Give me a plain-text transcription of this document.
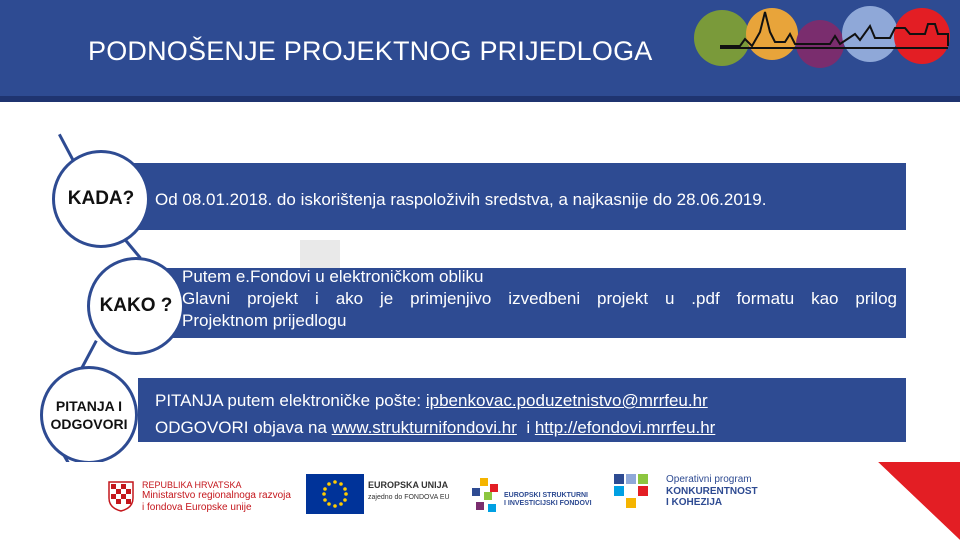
PODNOŠENJE PROJEKTNOG PRIJEDLOGA
KADA?
KAKO ?
PITANJA I
ODGOVORI
Od 08.01.2018. do iskorištenja raspoloživih sredstva, a najkasnije do 28.06.2019.
Putem e.Fondovi u elektroničkom obliku
Glavni projekt i ako je primjenjivo izvedbeni projekt u .pdf formatu kao prilog
Projektnom prijedlogu
PITANJA putem elektroničke pošte: ipbenkovac.poduzetnistvo@mrrfeu.hr
ODGOVORI objava na www.strukturnifondovi.hr  i http://efondovi.mrrfeu.hr
REPUBLIKA HRVATSKA
Ministarstvo regionalnoga razvoja
i fondova Europske unije
EUROPSKA UNIJA
zajedno do FONDOVA EU	EUROPSKI STRUKTURNI
I INVESTICIJSKI FONDOVI
Operativni program
KONKURENTNOST
I KOHEZIJA
